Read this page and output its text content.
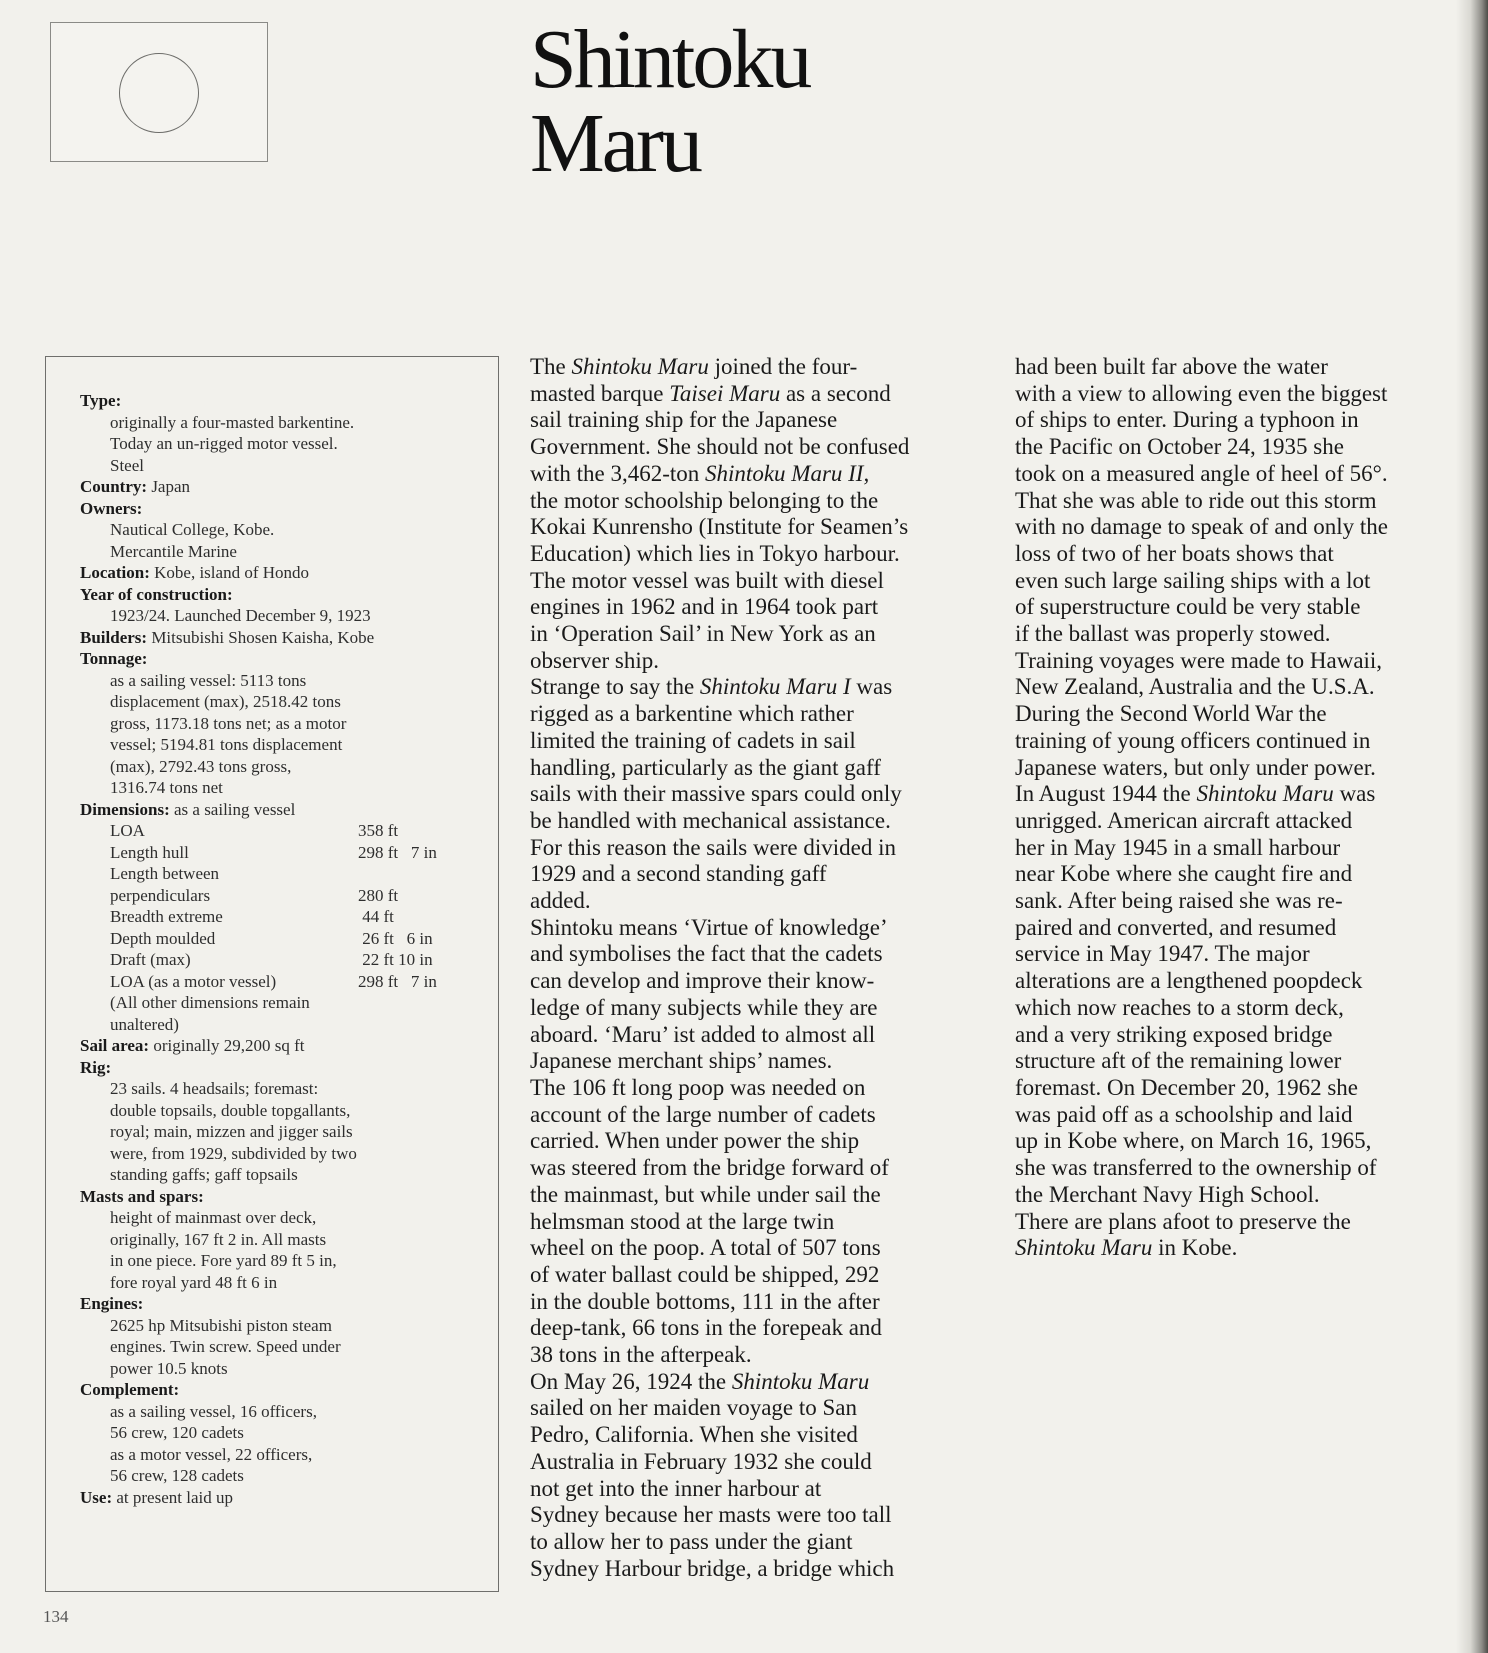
Shintoku
Maru
Type:
originally a four-masted barkentine.
Today an un-rigged motor vessel.
Steel
Country: Japan
Owners:
Nautical College, Kobe.
Mercantile Marine
Location: Kobe, island of Hondo
Year of construction:
1923/24. Launched December 9, 1923
Builders: Mitsubishi Shosen Kaisha, Kobe
Tonnage:
as a sailing vessel: 5113 tons
displacement (max), 2518.42 tons
gross, 1173.18 tons net; as a motor
vessel; 5194.81 tons displacement
(max), 2792.43 tons gross,
1316.74 tons net
Dimensions: as a sailing vessel
LOA	358 ft
Length hull	298 ft   7 in
Length between
perpendiculars	280 ft
Breadth extreme	44 ft
Depth moulded	26 ft   6 in
Draft (max)	22 ft 10 in
LOA (as a motor vessel)	298 ft   7 in
(All other dimensions remain
unaltered)
Sail area: originally 29,200 sq ft
Rig:
23 sails. 4 headsails; foremast:
double topsails, double topgallants,
royal; main, mizzen and jigger sails
were, from 1929, subdivided by two
standing gaffs; gaff topsails
Masts and spars:
height of mainmast over deck,
originally, 167 ft 2 in. All masts
in one piece. Fore yard 89 ft 5 in,
fore royal yard 48 ft 6 in
Engines:
2625 hp Mitsubishi piston steam
engines. Twin screw. Speed under
power 10.5 knots
Complement:
as a sailing vessel, 16 officers,
56 crew, 120 cadets
as a motor vessel, 22 officers,
56 crew, 128 cadets
Use: at present laid up

The Shintoku Maru joined the four-

masted barque Taisei Maru as a second

sail training ship for the Japanese

Government. She should not be confused

with the 3,462-ton Shintoku Maru II,

the motor schoolship belonging to the

Kokai Kunrensho (Institute for Seamen’s

Education) which lies in Tokyo harbour.

The motor vessel was built with diesel

engines in 1962 and in 1964 took part

in ‘Operation Sail’ in New York as an

observer ship.

Strange to say the Shintoku Maru I was

rigged as a barkentine which rather

limited the training of cadets in sail

handling, particularly as the giant gaff

sails with their massive spars could only

be handled with mechanical assistance.

For this reason the sails were divided in

1929 and a second standing gaff

added.

Shintoku means ‘Virtue of knowledge’

and symbolises the fact that the cadets

can develop and improve their know-

ledge of many subjects while they are

aboard. ‘Maru’ ist added to almost all

Japanese merchant ships’ names.

The 106 ft long poop was needed on

account of the large number of cadets

carried. When under power the ship

was steered from the bridge forward of

the mainmast, but while under sail the

helmsman stood at the large twin

wheel on the poop. A total of 507 tons

of water ballast could be shipped, 292

in the double bottoms, 111 in the after

deep-tank, 66 tons in the forepeak and

38 tons in the afterpeak.

On May 26, 1924 the Shintoku Maru

sailed on her maiden voyage to San

Pedro, California. When she visited

Australia in February 1932 she could

not get into the inner harbour at

Sydney because her masts were too tall

to allow her to pass under the giant

Sydney Harbour bridge, a bridge which

had been built far above the water

with a view to allowing even the biggest

of ships to enter. During a typhoon in

the Pacific on October 24, 1935 she

took on a measured angle of heel of 56°.

That she was able to ride out this storm

with no damage to speak of and only the

loss of two of her boats shows that

even such large sailing ships with a lot

of superstructure could be very stable

if the ballast was properly stowed.

Training voyages were made to Hawaii,

New Zealand, Australia and the U.S.A.

During the Second World War the

training of young officers continued in

Japanese waters, but only under power.

In August 1944 the Shintoku Maru was

unrigged. American aircraft attacked

her in May 1945 in a small harbour

near Kobe where she caught fire and

sank. After being raised she was re-

paired and converted, and resumed

service in May 1947. The major

alterations are a lengthened poopdeck

which now reaches to a storm deck,

and a very striking exposed bridge

structure aft of the remaining lower

foremast. On December 20, 1962 she

was paid off as a schoolship and laid

up in Kobe where, on March 16, 1965,

she was transferred to the ownership of

the Merchant Navy High School.

There are plans afoot to preserve the

Shintoku Maru in Kobe.

134
